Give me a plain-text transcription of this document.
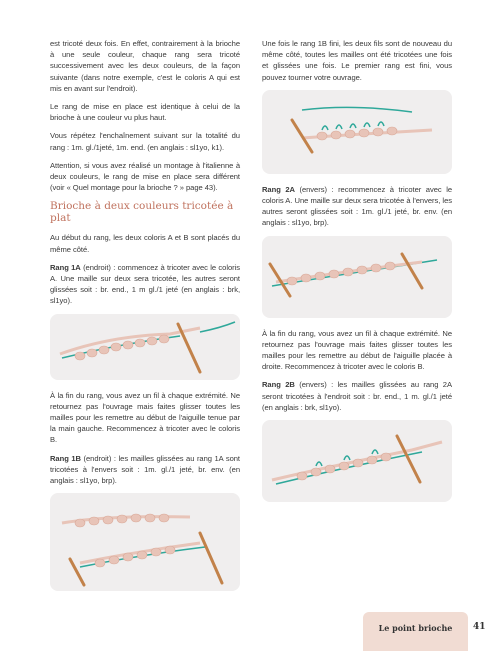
est tricoté deux fois. En effet, contrairement à la brioche à une seule couleur, chaque rang sera tricoté successivement avec les deux couleurs, de la façon suivante (dans notre exemple, c'est le coloris A qui est mis en avant sur l'endroit).

Le rang de mise en place est identique à celui de la brioche à une couleur vu plus haut.

Vous répétez l'enchaînement suivant sur la totalité du rang : 1m. gl./1jeté, 1m. end. (en anglais : sl1yo, k1).

Attention, si vous avez réalisé un montage à l'italienne à deux couleurs, le rang de mise en place sera différent (voir « Quel montage pour la brioche ? » page 43).

Brioche à deux couleurs tricotée à plat

Au début du rang, les deux coloris A et B sont placés du même côté.

Rang 1A (endroit) : commencez à tricoter avec le coloris A. Une maille sur deux sera tricotée, les autres seront glissées soit : br. end., 1 m gl./1 jeté (en anglais : brk, sl1yo).

À la fin du rang, vous avez un fil à chaque extrémité. Ne retournez pas l'ouvrage mais faites glisser toutes les mailles pour les remettre au début de l'aiguille tenue par la main gauche. Recommencez à tricoter avec le coloris B.

Rang 1B (endroit) : les mailles glissées au rang 1A sont tricotées à l'envers soit : 1m. gl./1 jeté, br. env. (en anglais : sl1yo, brp).

Une fois le rang 1B fini, les deux fils sont de nouveau du même côté, toutes les mailles ont été tricotées une fois et glissées une fois. Le premier rang est fini, vous pouvez tourner votre ouvrage.

Rang 2A (envers) : recommencez à tricoter avec le coloris A. Une maille sur deux sera tricotée à l'envers, les autres seront glissées soit : 1m. gl./1 jeté, br. env. (en anglais : sl1yo, brp).

À la fin du rang, vous avez un fil à chaque extrémité. Ne retournez pas l'ouvrage mais faites glisser toutes les mailles pour les remettre au début de l'aiguille placée à droite. Recommencez à tricoter avec le coloris B.

Rang 2B (envers) : les mailles glissées au rang 2A seront tricotées à l'endroit soit : br. end., 1 m. gl./1 jeté (en anglais : brk, sl1yo).

Le point brioche	41
